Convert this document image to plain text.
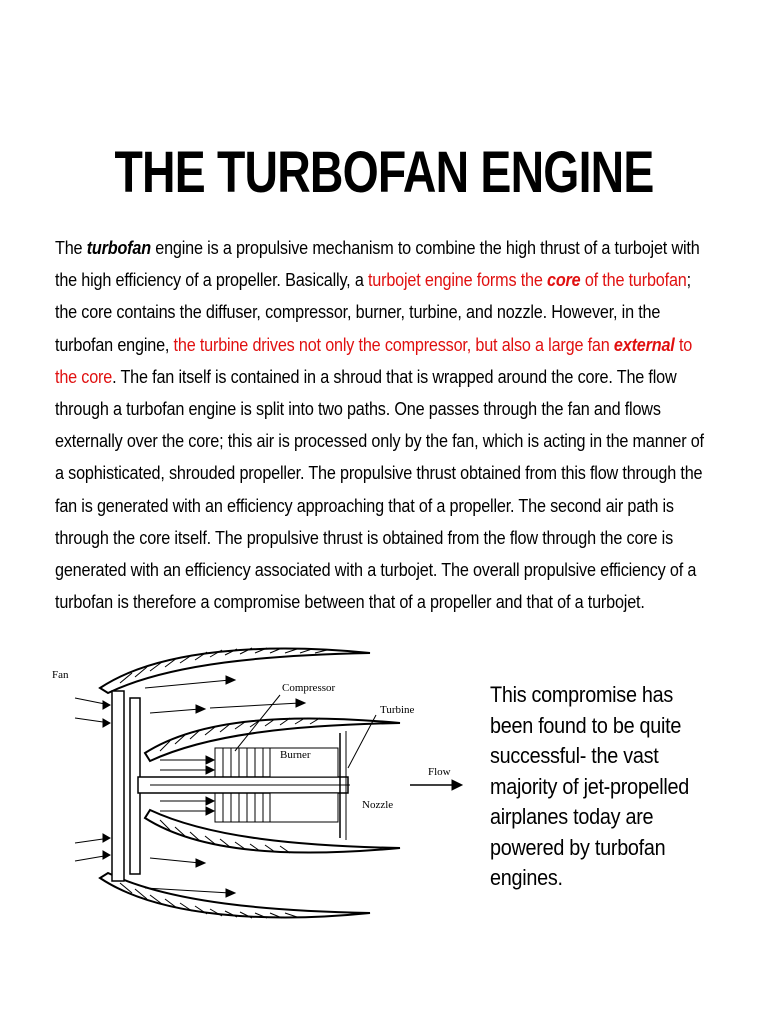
THE TURBOFAN ENGINE
The turbofan engine is a propulsive mechanism to combine the high thrust of a turbojet with the high efficiency of a propeller. Basically, a turbojet engine forms the core of the turbofan; the core contains the diffuser, compressor, burner, turbine, and nozzle. However, in the turbofan engine, the turbine drives not only the compressor, but also a large fan external to the core. The fan itself is contained in a shroud that is wrapped around the core. The flow through a turbofan engine is split into two paths. One passes through the fan and flows externally over the core; this air is processed only by the fan, which is acting in the manner of a sophisticated, shrouded propeller. The propulsive thrust obtained from this flow through the fan is generated with an efficiency approaching that of a propeller. The second air path is through the core itself. The propulsive thrust is obtained from the flow through the core is generated with an efficiency associated with a turbojet. The overall propulsive efficiency of a turbofan is therefore a compromise between that of a propeller and that of a turbojet.
Fan
Compressor
Turbine
Burner
Nozzle
Flow
This compromise has been found to be quite successful- the vast majority of jet-propelled airplanes today are powered by turbofan engines.
